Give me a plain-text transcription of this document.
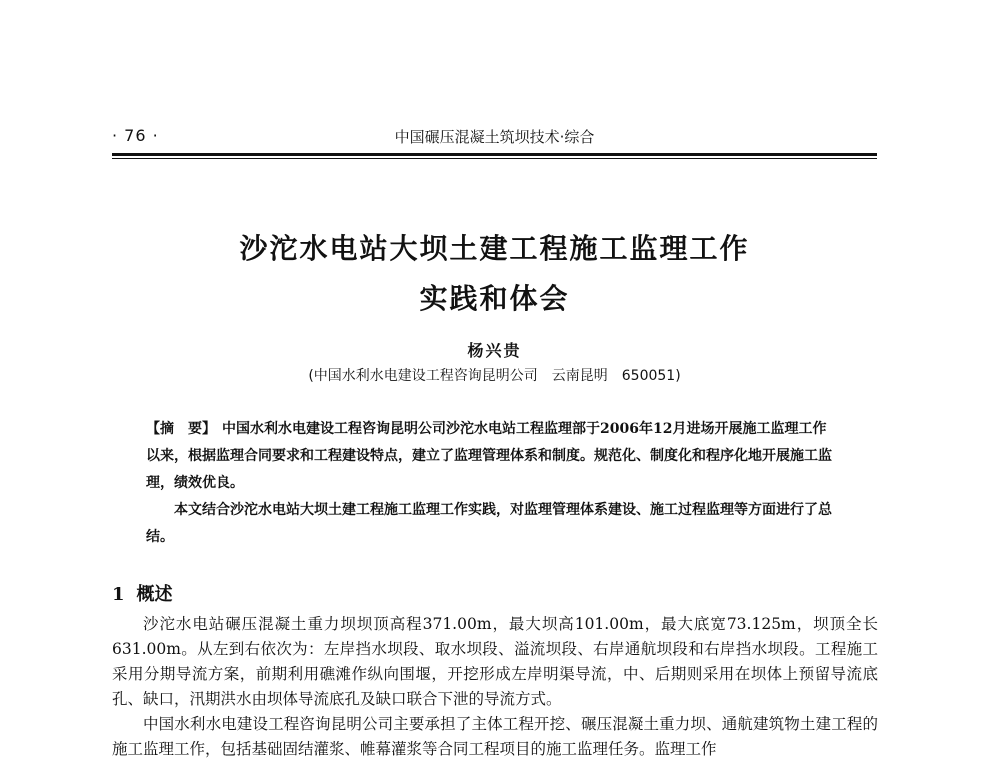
· 76 ·	中国碾压混凝土筑坝技术·综合
沙沱水电站大坝土建工程施工监理工作
实践和体会
杨兴贵
(中国水利水电建设工程咨询昆明公司　云南昆明　650051)

【摘　要】 中国水利水电建设工程咨询昆明公司沙沱水电站工程监理部于2006年12月进场开展施工监理工作以来，根据监理合同要求和工程建设特点，建立了监理管理体系和制度。规范化、制度化和程序化地开展施工监理，绩效优良。

本文结合沙沱水电站大坝土建工程施工监理工作实践，对监理管理体系建设、施工过程监理等方面进行了总结。

1 概述

沙沱水电站碾压混凝土重力坝坝顶高程371.00m，最大坝高101.00m，最大底宽73.125m，坝顶全长631.00m。从左到右依次为：左岸挡水坝段、取水坝段、溢流坝段、右岸通航坝段和右岸挡水坝段。工程施工采用分期导流方案，前期利用礁滩作纵向围堰，开挖形成左岸明渠导流，中、后期则采用在坝体上预留导流底孔、缺口，汛期洪水由坝体导流底孔及缺口联合下泄的导流方式。

中国水利水电建设工程咨询昆明公司主要承担了主体工程开挖、碾压混凝土重力坝、通航建筑物土建工程的施工监理工作，包括基础固结灌浆、帷幕灌浆等合同工程项目的施工监理任务。监理工作
